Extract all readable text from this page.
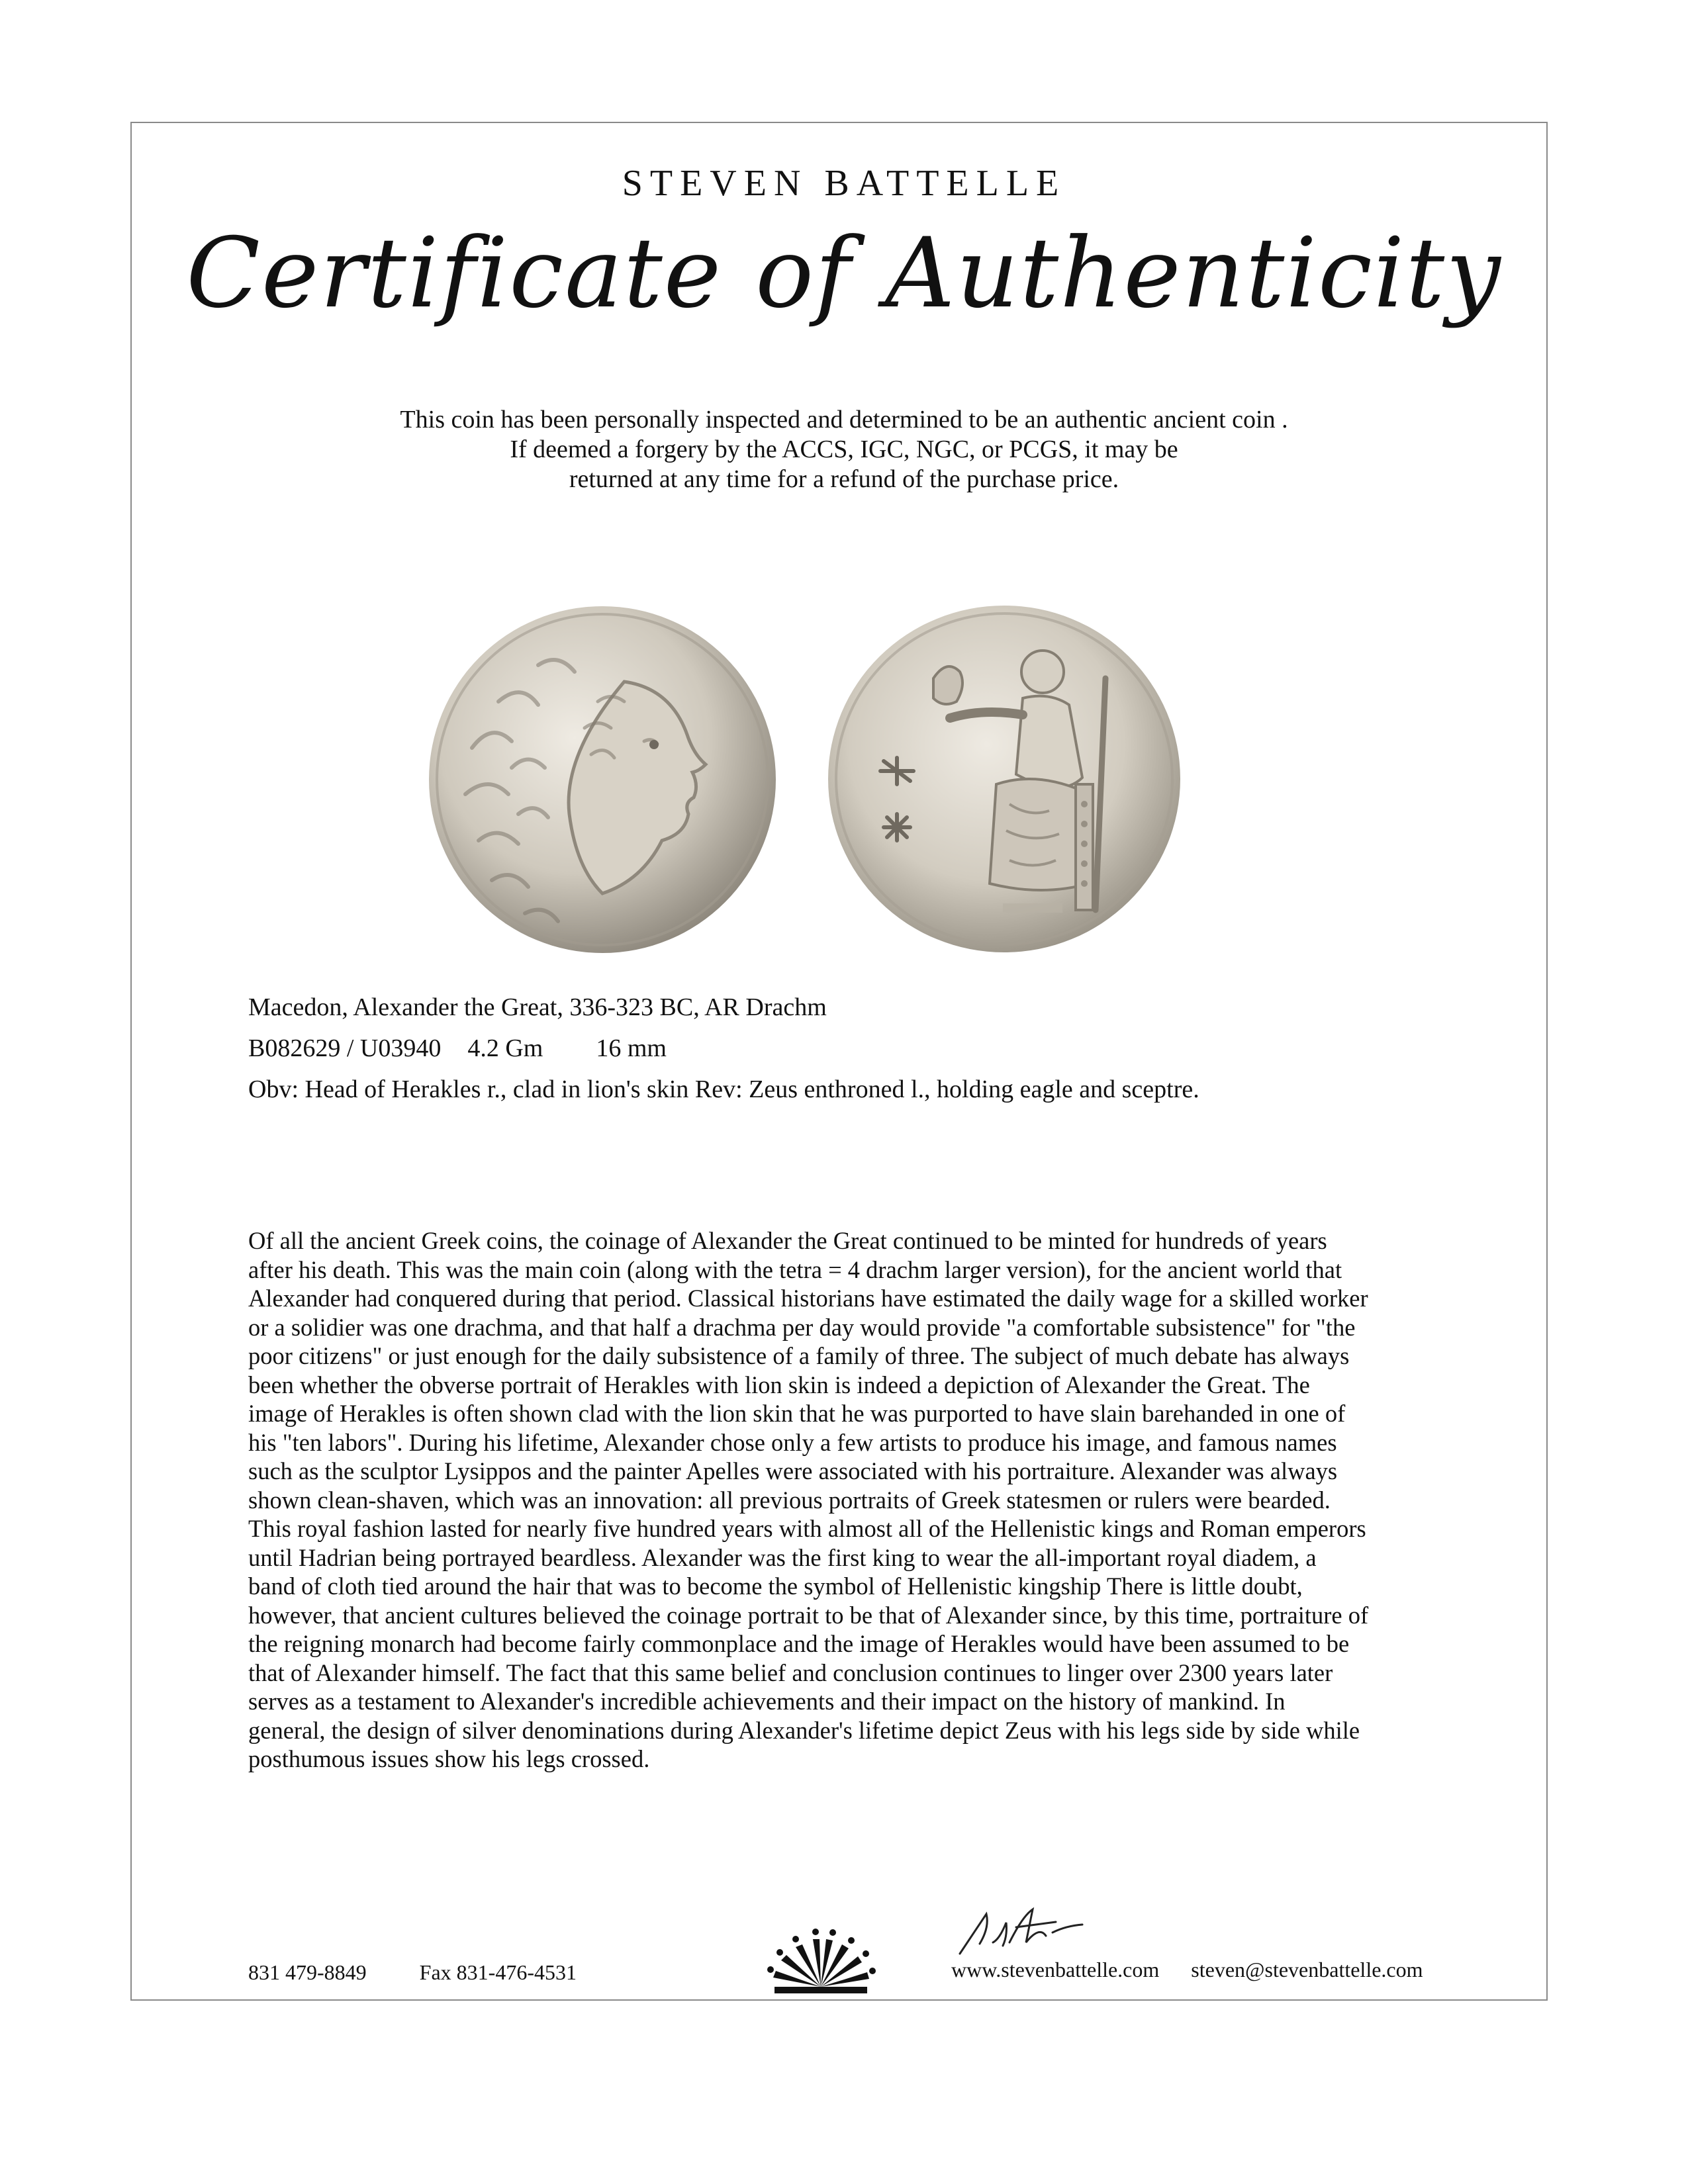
STEVEN BATTELLE
Certificate of Authenticity
This coin has been personally inspected and determined to be an authentic ancient coin .
If deemed a forgery by the ACCS, IGC, NGC, or PCGS, it may be
returned at any time for a refund of the purchase price.
Macedon, Alexander the Great, 336-323 BC, AR Drachm
B082629 / U03940 4.2 Gm 16 mm
Obv: Head of Herakles r., clad in lion's skin Rev: Zeus enthroned l., holding eagle and sceptre.
Of all the ancient Greek coins, the coinage of Alexander the Great continued to be minted for hundreds of years
after his death. This was the main coin (along with the tetra = 4 drachm larger version), for the ancient world that
Alexander had conquered during that period. Classical historians have estimated the daily wage for a skilled worker
or a solidier was one drachma, and that half a drachma per day would provide "a comfortable subsistence" for "the
poor citizens" or just enough for the daily subsistence of a family of three. The subject of much debate has always
been whether the obverse portrait of Herakles with lion skin is indeed a depiction of Alexander the Great. The
image of Herakles is often shown clad with the lion skin that he was purported to have slain barehanded in one of
his "ten labors". During his lifetime, Alexander chose only a few artists to produce his image, and famous names
such as the sculptor Lysippos and the painter Apelles were associated with his portraiture. Alexander was always
shown clean-shaven, which was an innovation: all previous portraits of Greek statesmen or rulers were bearded.
This royal fashion lasted for nearly five hundred years with almost all of the Hellenistic kings and Roman emperors
until Hadrian being portrayed beardless. Alexander was the first king to wear the all-important royal diadem, a
band of cloth tied around the hair that was to become the symbol of Hellenistic kingship There is little doubt,
however, that ancient cultures believed the coinage portrait to be that of Alexander since, by this time, portraiture of
the reigning monarch had become fairly commonplace and the image of Herakles would have been assumed to be
that of Alexander himself. The fact that this same belief and conclusion continues to linger over 2300 years later
serves as a testament to Alexander's incredible achievements and their impact on the history of mankind. In
general, the design of silver denominations during Alexander's lifetime depict Zeus with his legs side by side while
posthumous issues show his legs crossed.
831 479-8849	Fax 831-476-4531	www.stevenbattelle.com steven@stevenbattelle.com
